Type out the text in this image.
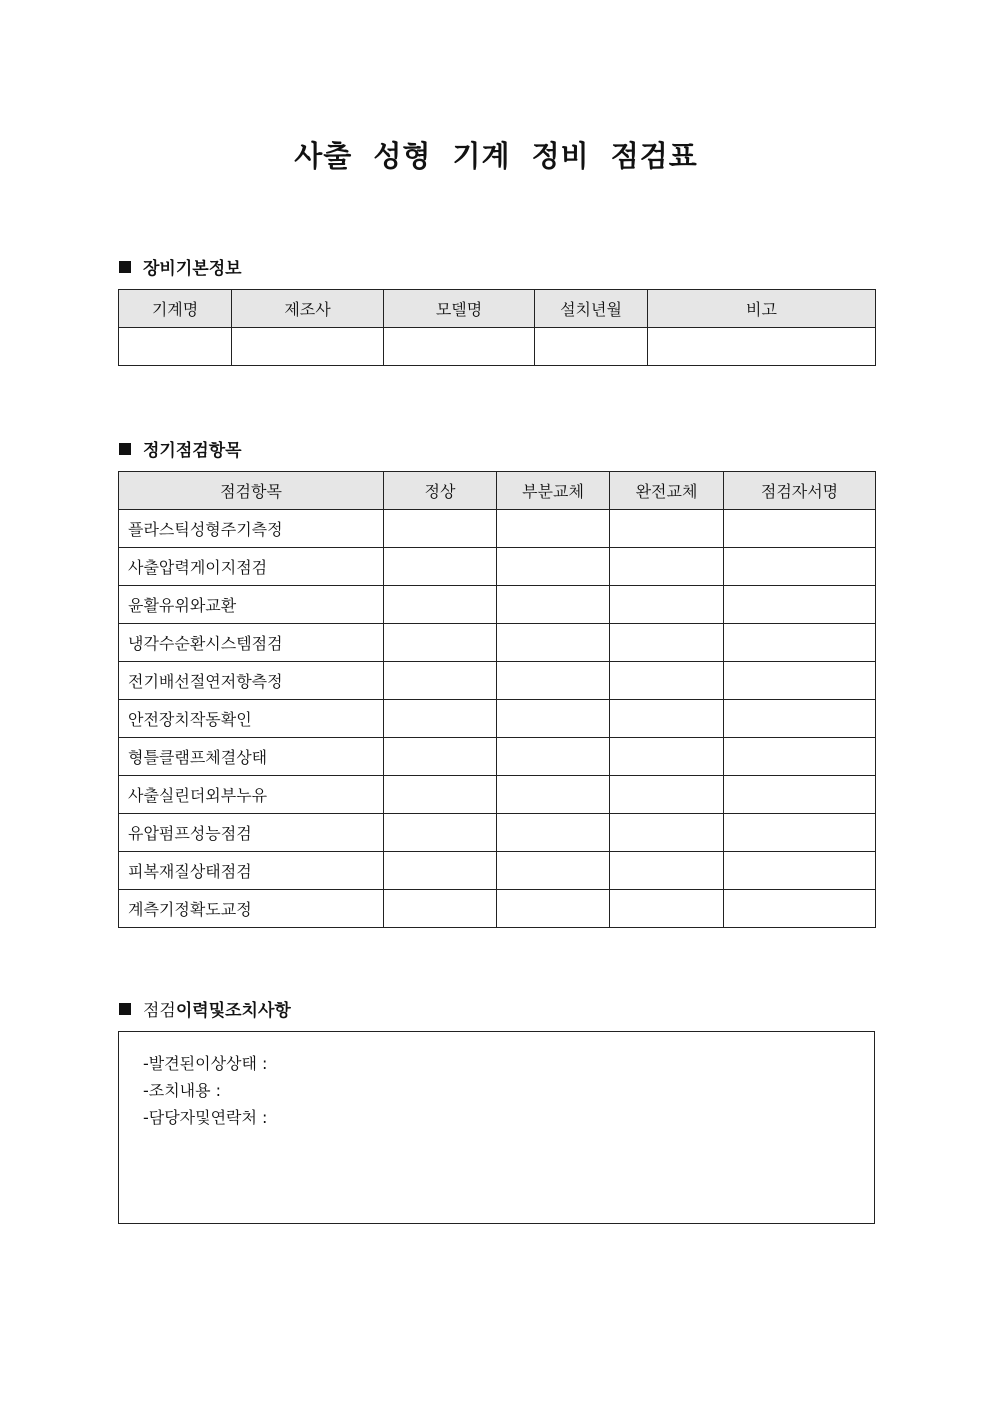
사출 성형 기계 정비 점검표
장비기본정보
기계명	제조사	모델명	설치년월	비고

정기점검항목
점검항목	정상	부분교체	완전교체	점검자서명
플라스틱성형주기측정				
사출압력게이지점검				
윤활유위와교환				
냉각수순환시스템점검				
전기배선절연저항측정				
안전장치작동확인				
형틀클램프체결상태				
사출실린더외부누유				
유압펌프성능점검				
피복재질상태점검				
계측기정확도교정				
점검 이력및조치사항
-발견된이상상태 :
-조치내용 :
-담당자및연락처 :
